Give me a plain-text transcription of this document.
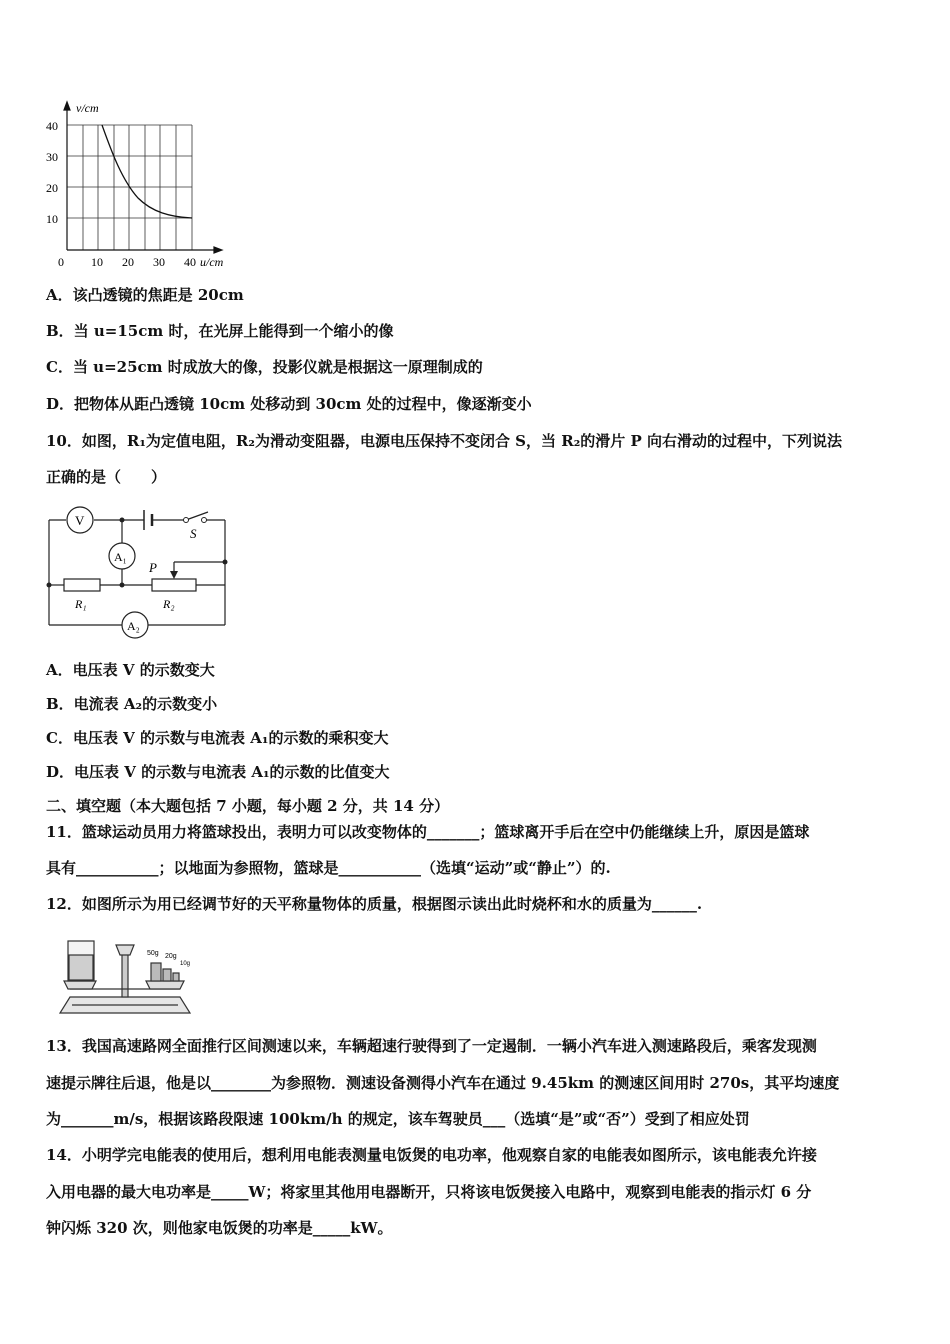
v/cm
u/cm
40
30
20
10
0 10 20 30 40
A．该凸透镜的焦距是 20cm
B．当 u=15cm 时，在光屏上能得到一个缩小的像
C．当 u=25cm 时成放大的像，投影仪就是根据这一原理制成的
D．把物体从距凸透镜 10cm 处移动到 30cm 处的过程中，像逐渐变小
10．如图，R₁为定值电阻，R₂为滑动变阻器，电源电压保持不变闭合 S，当 R₂的滑片 P 向右滑动的过程中，下列说法
正确的是（　　）
V
A₁
A₂
S
P
R₁	R₂
A．电压表 V 的示数变大
B．电流表 A₂的示数变小
C．电压表 V 的示数与电流表 A₁的示数的乘积变大
D．电压表 V 的示数与电流表 A₁的示数的比值变大
二、填空题（本大题包括 7 小题，每小题 2 分，共 14 分）
11．篮球运动员用力将篮球投出，表明力可以改变物体的_______；篮球离开手后在空中仍能继续上升，原因是篮球
具有___________；以地面为参照物，篮球是___________（选填“运动”或“静止”）的.
12．如图所示为用已经调节好的天平称量物体的质量，根据图示读出此时烧杯和水的质量为______.
50g 20g
10g
13．我国高速路网全面推行区间测速以来，车辆超速行驶得到了一定遏制．一辆小汽车进入测速路段后，乘客发现测
速提示牌往后退，他是以________为参照物．测速设备测得小汽车在通过 9.45km 的测速区间用时 270s，其平均速度
为_______m/s，根据该路段限速 100km/h 的规定，该车驾驶员___（选填“是”或“否”）受到了相应处罚
14．小明学完电能表的使用后，想利用电能表测量电饭煲的电功率，他观察自家的电能表如图所示，该电能表允许接
入用电器的最大电功率是_____W；将家里其他用电器断开，只将该电饭煲接入电路中，观察到电能表的指示灯 6 分
钟闪烁 320 次，则他家电饭煲的功率是_____kW。
